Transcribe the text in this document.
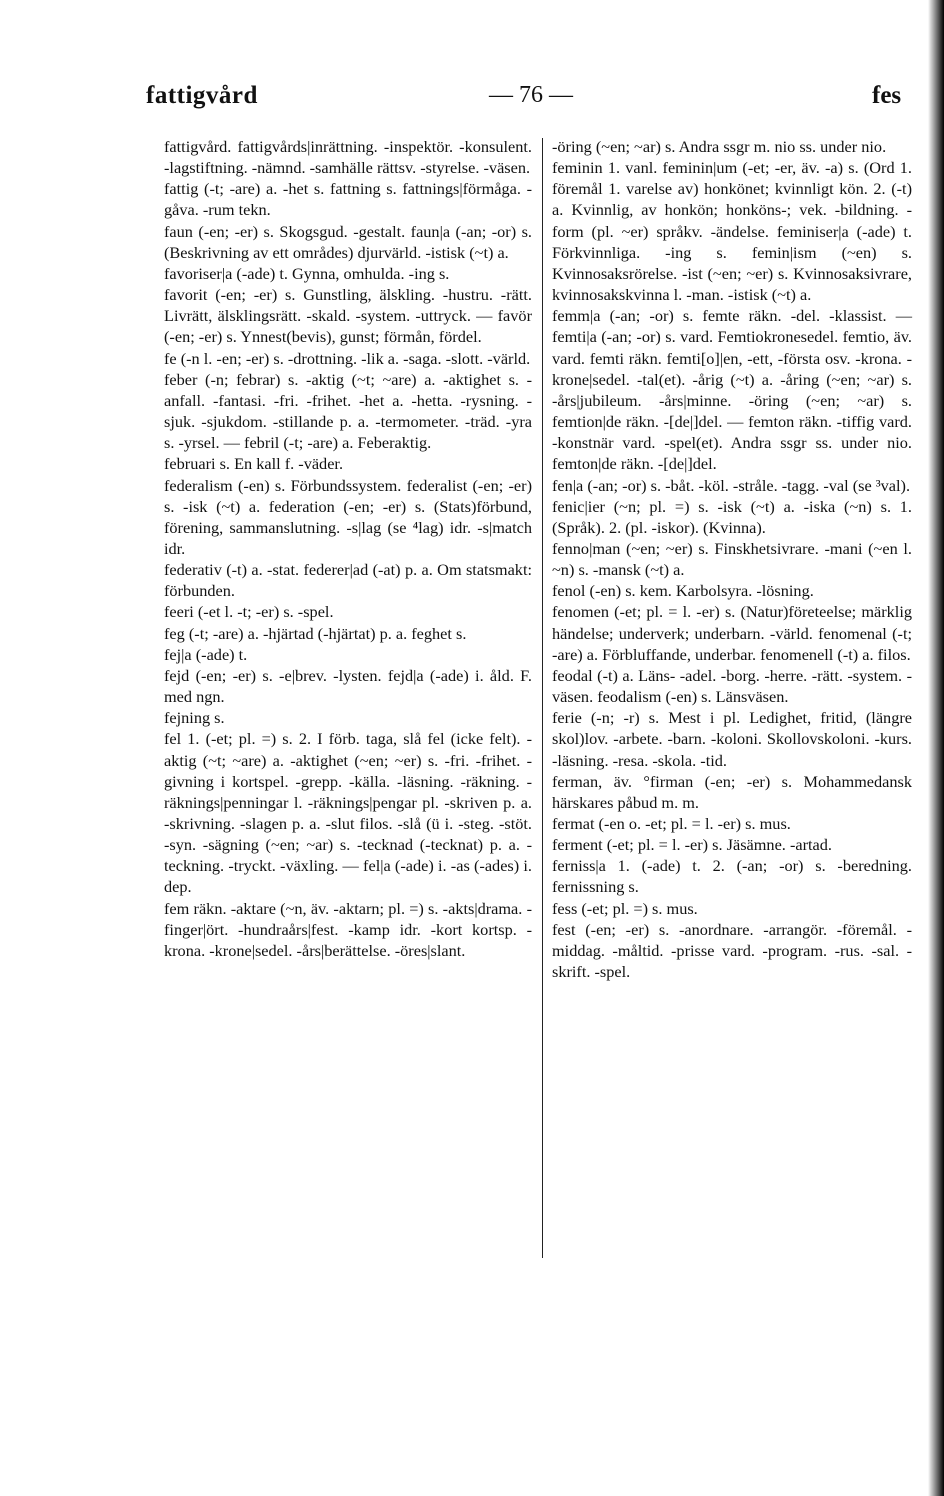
fattigvård	— 76 —	fes

fattigvård. fattigvårds|inrättning. -inspektör. -konsulent. -lagstiftning. -nämnd. -samhälle rättsv. -styrelse. -väsen.

fattig (-t; -are) a. -het s. fattning s. fattnings|förmåga. -gåva. -rum tekn.

faun (-en; -er) s. Skogsgud. -gestalt. faun|a (-an; -or) s. (Beskrivning av ett områdes) djurvärld. -istisk (~t) a.

favoriser|a (-ade) t. Gynna, omhulda. -ing s.

favorit (-en; -er) s. Gunstling, älskling. -hustru. -rätt. Livrätt, älsklingsrätt. -skald. -system. -uttryck. — favör (-en; -er) s. Ynnest(bevis), gunst; förmån, fördel.

fe (-n l. -en; -er) s. -drottning. -lik a. -saga. -slott. -värld.

feber (-n; febrar) s. -aktig (~t; ~are) a. -aktighet s. -anfall. -fantasi. -fri. -frihet. -het a. -hetta. -rysning. -sjuk. -sjukdom. -stillande p. a. -termometer. -träd. -yra s. -yrsel. — febril (-t; -are) a. Feberaktig.

februari s. En kall f. -väder.

federalism (-en) s. Förbundssystem. federalist (-en; -er) s. -isk (~t) a. federation (-en; -er) s. (Stats)förbund, förening, sammanslutning. -s|lag (se ⁴lag) idr. -s|match idr.

federativ (-t) a. -stat. federer|ad (-at) p. a. Om statsmakt: förbunden.

feeri (-et l. -t; -er) s. -spel.

feg (-t; -are) a. -hjärtad (-hjärtat) p. a. feghet s.

fej|a (-ade) t.

fejd (-en; -er) s. -e|brev. -lysten. fejd|a (-ade) i. åld. F. med ngn.

fejning s.

fel 1. (-et; pl. =) s. 2. I förb. taga, slå fel (icke felt). -aktig (~t; ~are) a. -aktighet (~en; ~er) s. -fri. -frihet. -givning i kortspel. -grepp. -källa. -läsning. -räkning. -räknings|penningar l. -räknings|pengar pl. -skriven p. a. -skrivning. -slagen p. a. -slut filos. -slå (ü i. -steg. -stöt. -syn. -sägning (~en; ~ar) s. -tecknad (-tecknat) p. a. -teckning. -tryckt. -växling. — fel|a (-ade) i. -as (-ades) i. dep.

fem räkn. -aktare (~n, äv. -aktarn; pl. =) s. -akts|drama. -finger|ört. -hundraårs|fest. -kamp idr. -kort kortsp. -krona. -krone|sedel. -års|berättelse. -öres|slant.

-öring (~en; ~ar) s. Andra ssgr m. nio ss. under nio.

feminin 1. vanl. feminin|um (-et; -er, äv. -a) s. (Ord 1. föremål 1. varelse av) honkönet; kvinnligt kön. 2. (-t) a. Kvinnlig, av honkön; honköns-; vek. -bildning. -form (pl. ~er) språkv. -ändelse. feminiser|a (-ade) t. Förkvinnliga. -ing s. femin|ism (~en) s. Kvinnosaksrörelse. -ist (~en; ~er) s. Kvinnosaksivrare, kvinnosakskvinna l. -man. -istisk (~t) a.

femm|a (-an; -or) s. femte räkn. -del. -klassist. — femti|a (-an; -or) s. vard. Femtiokronesedel. femtio, äv. vard. femti räkn. femti[o]|en, -ett, -första osv. -krona. -krone|sedel. -tal(et). -årig (~t) a. -åring (~en; ~ar) s. -års|jubileum. -års|minne. -öring (~en; ~ar) s. femtion|de räkn. -[de|]del. — femton räkn. -tiffig vard. -konstnär vard. -spel(et). Andra ssgr ss. under nio. femton|de räkn. -[de|]del.

fen|a (-an; -or) s. -båt. -köl. -stråle. -tagg. -val (se ³val).

fenic|ier (~n; pl. =) s. -isk (~t) a. -iska (~n) s. 1. (Språk). 2. (pl. -iskor). (Kvinna).

fenno|man (~en; ~er) s. Finskhetsivrare. -mani (~en l. ~n) s. -mansk (~t) a.

fenol (-en) s. kem. Karbolsyra. -lösning.

fenomen (-et; pl. = l. -er) s. (Natur)företeelse; märklig händelse; underverk; underbarn. -värld. fenomenal (-t; -are) a. Förbluffande, underbar. fenomenell (-t) a. filos.

feodal (-t) a. Läns- -adel. -borg. -herre. -rätt. -system. -väsen. feodalism (-en) s. Länsväsen.

ferie (-n; -r) s. Mest i pl. Ledighet, fritid, (längre skol)lov. -arbete. -barn. -koloni. Skollovskoloni. -kurs. -läsning. -resa. -skola. -tid.

ferman, äv. °firman (-en; -er) s. Mohammedansk härskares påbud m. m.

fermat (-en o. -et; pl. = l. -er) s. mus.

ferment (-et; pl. = l. -er) s. Jäsämne. -artad.

ferniss|a 1. (-ade) t. 2. (-an; -or) s. -beredning. fernissning s.

fess (-et; pl. =) s. mus.

fest (-en; -er) s. -anordnare. -arrangör. -föremål. -middag. -måltid. -prisse vard. -program. -rus. -sal. -skrift. -spel.
